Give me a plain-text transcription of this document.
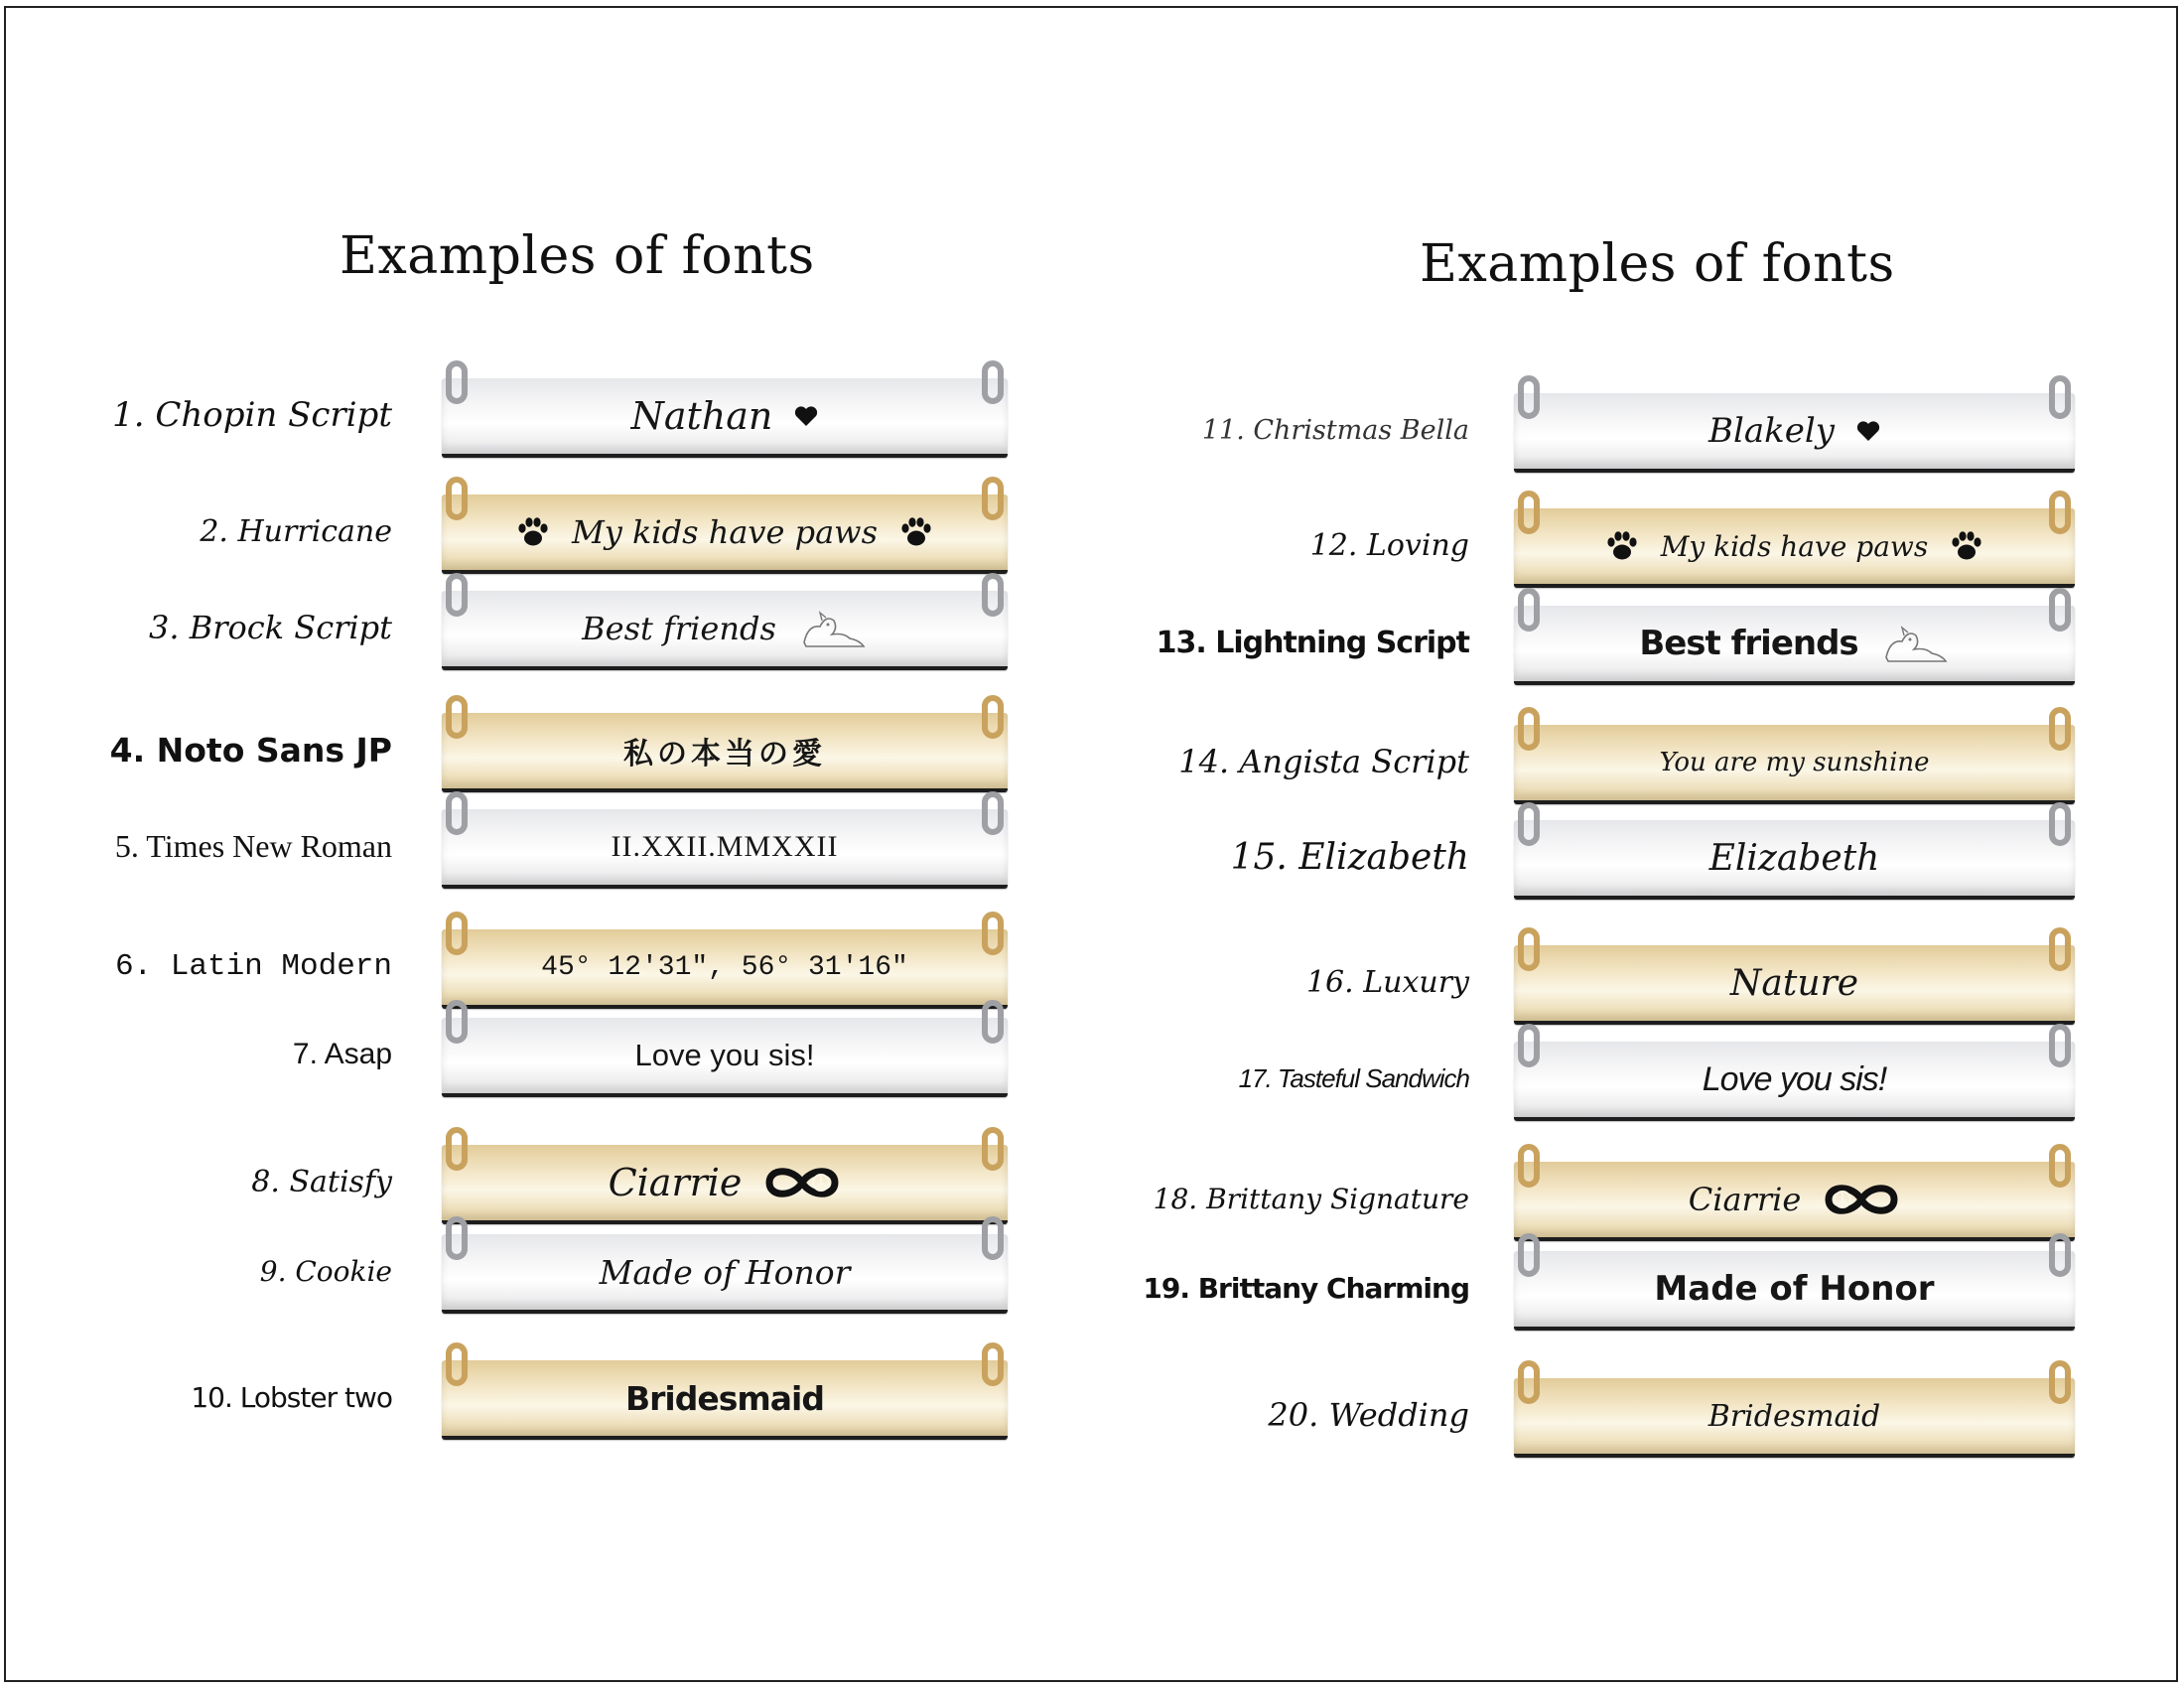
Examples of fonts
1. Chopin Script	Nathan
2. Hurricane	My kids have paws
3. Brock Script	Best friends
4. Noto Sans JP	私の本当の愛
5. Times New Roman	II.XXII.MMXXII
6. Latin Modern	45° 12'31", 56° 31'16"
7. Asap	Love you sis!
8. Satisfy	Ciarrie
9. Cookie	Made of Honor
10. Lobster two	Bridesmaid
Examples of fonts
11. Christmas Bella	Blakely
12. Loving	My kids have paws
13. Lightning Script	Best friends
14. Angista Script	You are my sunshine
15. Elizabeth	Elizabeth
16. Luxury	Nature
17. Tasteful Sandwich	Love you sis!
18. Brittany Signature	Ciarrie
19. Brittany Charming	Made of Honor
20. Wedding	Bridesmaid
